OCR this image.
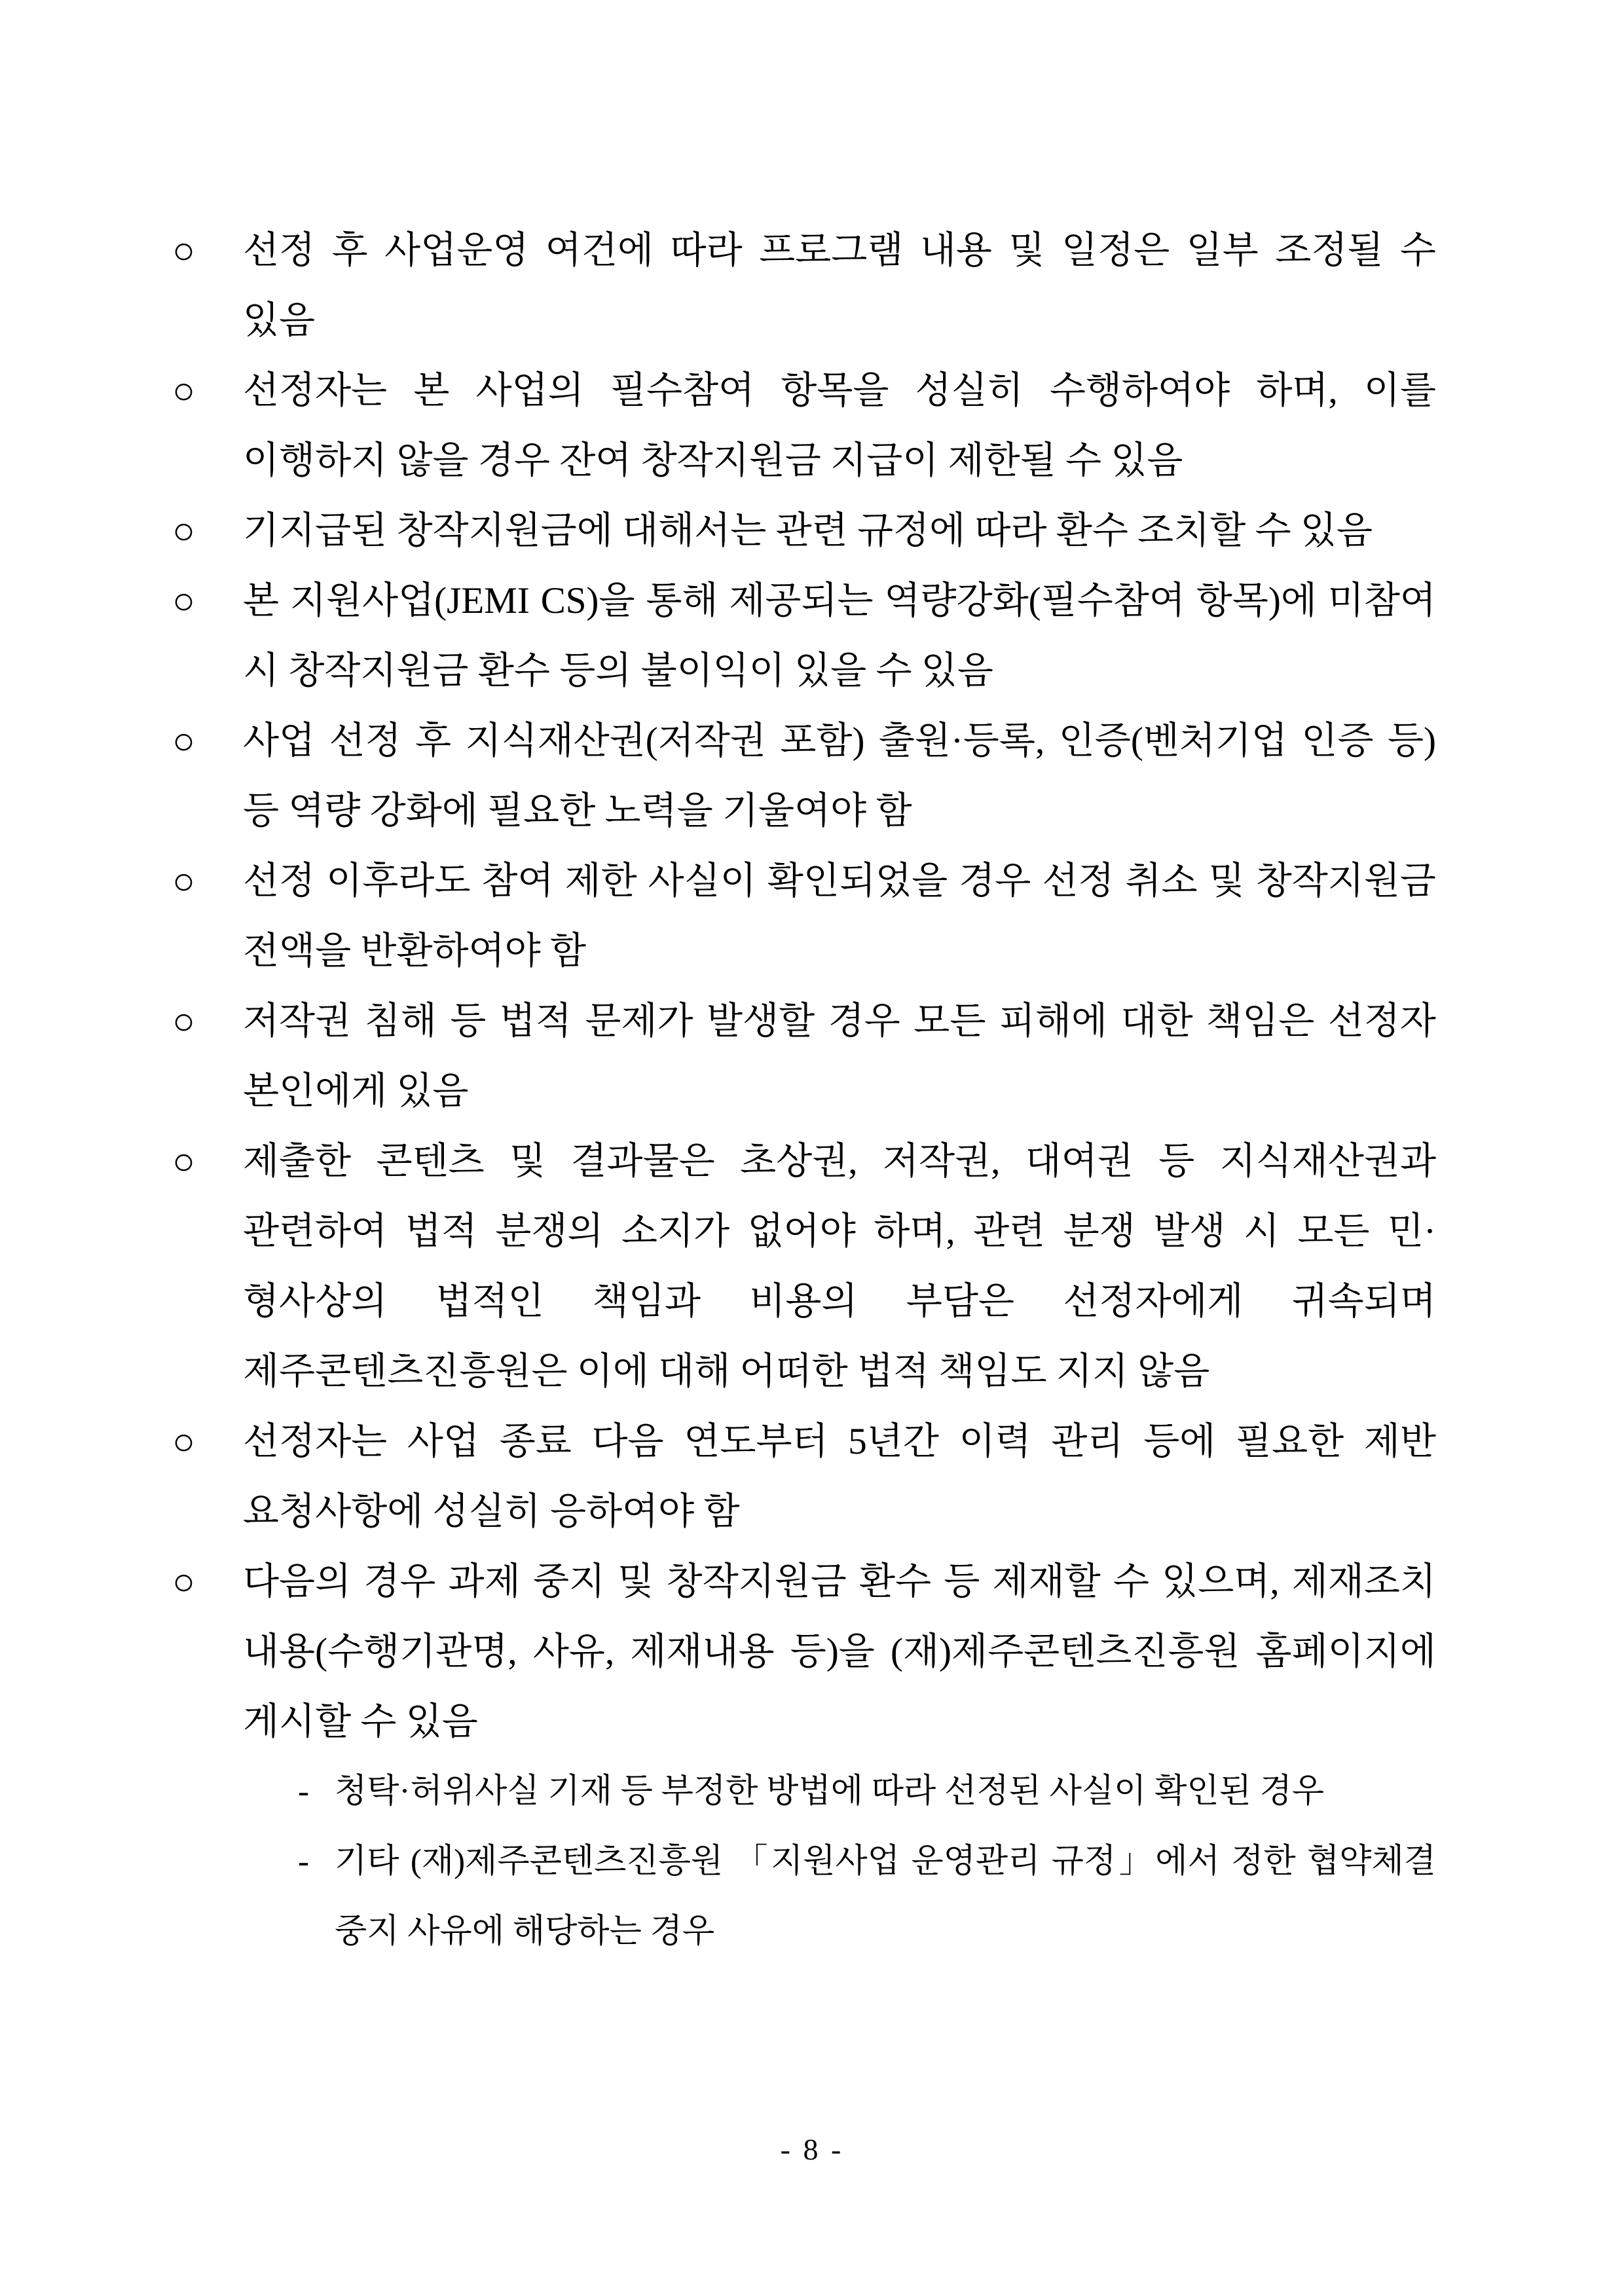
○ 선정 후 사업운영 여건에 따라 프로그램 내용 및 일정은 일부 조정될 수 있음

○ 선정자는 본 사업의 필수참여 항목을 성실히 수행하여야 하며, 이를 이행하지 않을 경우 잔여 창작지원금 지급이 제한될 수 있음

○ 기지급된 창작지원금에 대해서는 관련 규정에 따라 환수 조치할 수 있음

○ 본 지원사업(JEMI CS)을 통해 제공되는 역량강화(필수참여 항목)에 미참여 시 창작지원금 환수 등의 불이익이 있을 수 있음

○ 사업 선정 후 지식재산권(저작권 포함) 출원·등록, 인증(벤처기업 인증 등) 등 역량 강화에 필요한 노력을 기울여야 함

○ 선정 이후라도 참여 제한 사실이 확인되었을 경우 선정 취소 및 창작지원금 전액을 반환하여야 함

○ 저작권 침해 등 법적 문제가 발생할 경우 모든 피해에 대한 책임은 선정자 본인에게 있음

○ 제출한 콘텐츠 및 결과물은 초상권, 저작권, 대여권 등 지식재산권과 관련하여 법적 분쟁의 소지가 없어야 하며, 관련 분쟁 발생 시 모든 민·형사상의 법적인 책임과 비용의 부담은 선정자에게 귀속되며 제주콘텐츠진흥원은 이에 대해 어떠한 법적 책임도 지지 않음

○ 선정자는 사업 종료 다음 연도부터 5년간 이력 관리 등에 필요한 제반 요청사항에 성실히 응하여야 함

○ 다음의 경우 과제 중지 및 창작지원금 환수 등 제재할 수 있으며, 제재조치 내용(수행기관명, 사유, 제재내용 등)을 (재)제주콘텐츠진흥원 홈페이지에 게시할 수 있음

- 청탁·허위사실 기재 등 부정한 방법에 따라 선정된 사실이 확인된 경우

- 기타 (재)제주콘텐츠진흥원 「지원사업 운영관리 규정」에서 정한 협약체결 중지 사유에 해당하는 경우

- 8 -
